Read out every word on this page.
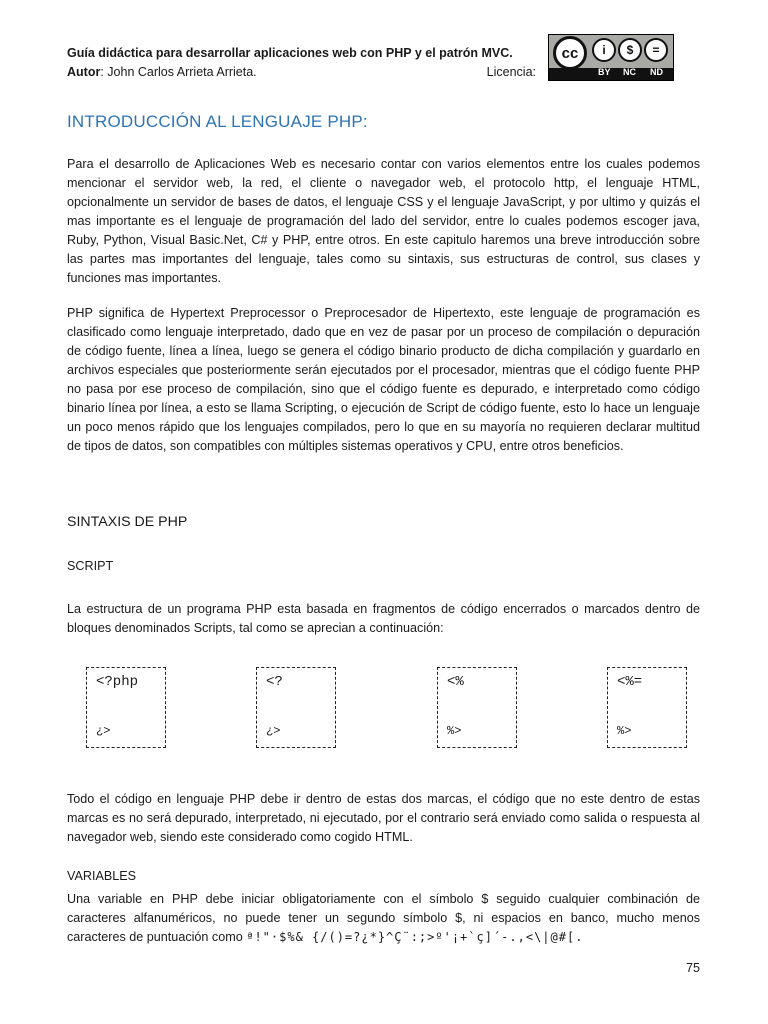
Guía didáctica para desarrollar aplicaciones web con PHP y el patrón MVC.
Autor: John Carlos Arrieta Arrieta.	Licencia:
cc	i	$	=
BY NC ND
INTRODUCCIÓN AL LENGUAJE PHP:

Para el desarrollo de Aplicaciones Web es necesario contar con varios elementos entre los cuales podemos mencionar el servidor web, la red, el cliente o navegador web, el protocolo http, el lenguaje HTML, opcionalmente un servidor de bases de datos, el lenguaje CSS y el lenguaje JavaScript, y por ultimo y quizás el mas importante es el lenguaje de programación del lado del servidor, entre lo cuales podemos escoger java, Ruby, Python, Visual Basic.Net, C# y PHP, entre otros. En este capitulo haremos una breve introducción sobre las partes mas importantes del lenguaje, tales como su sintaxis, sus estructuras de control, sus clases y funciones mas importantes.

PHP significa de Hypertext Preprocessor o Preprocesador de Hipertexto, este lenguaje de programación es clasificado como lenguaje interpretado, dado que en vez de pasar por un proceso de compilación o depuración de código fuente, línea a línea, luego se genera el código binario producto de dicha compilación y guardarlo en archivos especiales que posteriormente serán ejecutados por el procesador, mientras que el código fuente PHP no pasa por ese proceso de compilación, sino que el código fuente es depurado, e interpretado como código binario línea por línea, a esto se llama Scripting, o ejecución de Script de código fuente, esto lo hace un lenguaje un poco menos rápido que los lenguajes compilados, pero lo que en su mayoría no requieren declarar multitud de tipos de datos, son compatibles con múltiples sistemas operativos y CPU, entre otros beneficios.

SINTAXIS DE PHP
SCRIPT

La estructura de un programa PHP esta basada en fragmentos de código encerrados o marcados dentro de bloques denominados Scripts, tal como se aprecian a continuación:

<?php
¿>
<?
¿>
<%
%>
<%=
%>

Todo el código en lenguaje PHP debe ir dentro de estas dos marcas, el código que no este dentro de estas marcas es no será depurado, interpretado, ni ejecutado, por el contrario será enviado como salida o respuesta al navegador web, siendo este considerado como cogido HTML.

VARIABLES

Una variable en PHP debe iniciar obligatoriamente con el símbolo $ seguido cualquier combinación de caracteres alfanuméricos, no puede tener un segundo símbolo $, ni espacios en banco, mucho menos caracteres de puntuación como ª!"·$%& {/()=?¿*}^Ç¨:;>º'¡+`ç]´-.,<\|@#[.

75
